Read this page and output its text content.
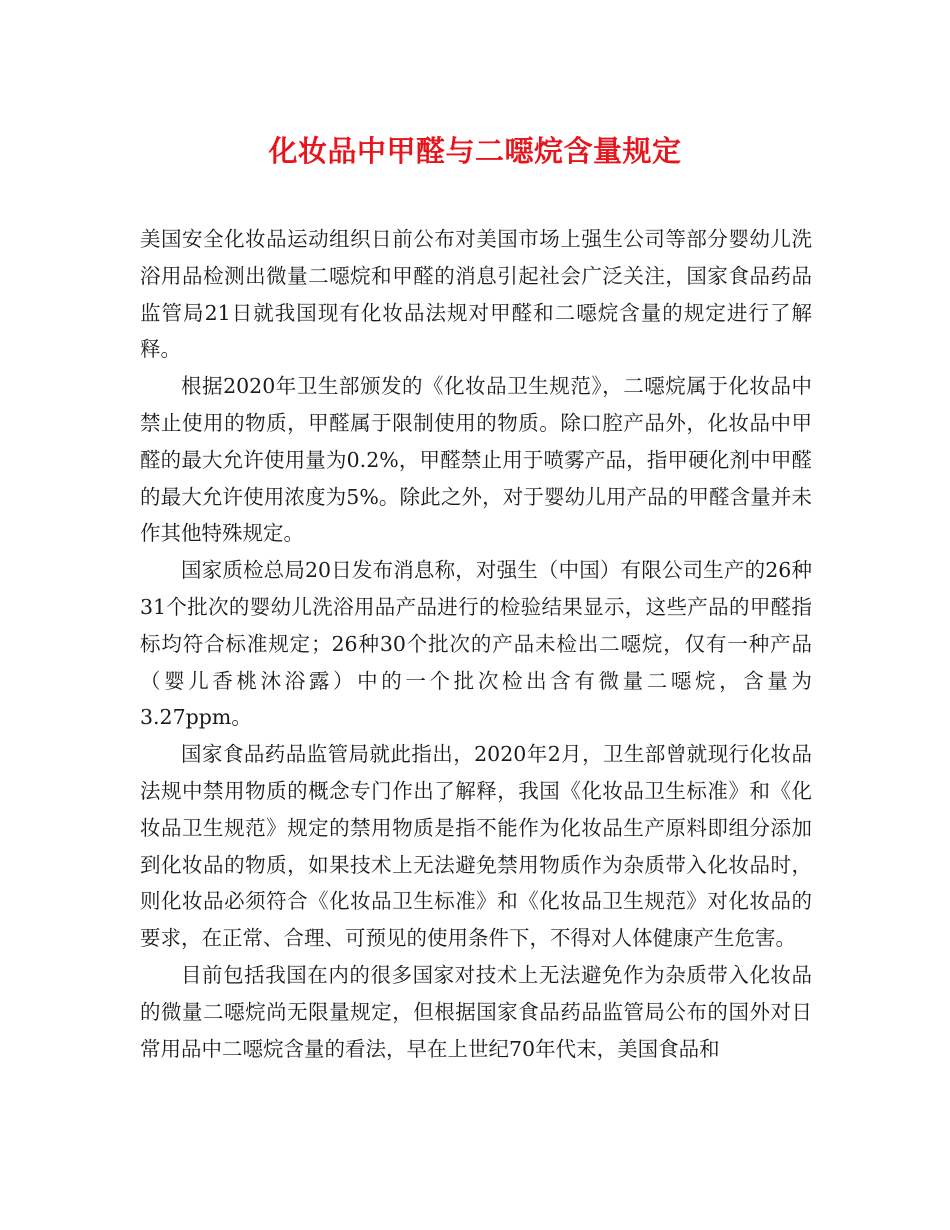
化妆品中甲醛与二噁烷含量规定

美国安全化妆品运动组织日前公布对美国市场上强生公司等部分婴幼儿洗浴用品检测出微量二噁烷和甲醛的消息引起社会广泛关注，国家食品药品监管局21日就我国现有化妆品法规对甲醛和二噁烷含量的规定进行了解释。

根据2020年卫生部颁发的《化妆品卫生规范》，二噁烷属于化妆品中禁止使用的物质，甲醛属于限制使用的物质。除口腔产品外，化妆品中甲醛的最大允许使用量为0.2%，甲醛禁止用于喷雾产品，指甲硬化剂中甲醛的最大允许使用浓度为5%。除此之外，对于婴幼儿用产品的甲醛含量并未作其他特殊规定。

国家质检总局20日发布消息称，对强生（中国）有限公司生产的26种31个批次的婴幼儿洗浴用品产品进行的检验结果显示，这些产品的甲醛指标均符合标准规定；26种30个批次的产品未检出二噁烷，仅有一种产品（婴儿香桃沐浴露）中的一个批次检出含有微量二噁烷，含量为3.27ppm。

国家食品药品监管局就此指出，2020年2月，卫生部曾就现行化妆品法规中禁用物质的概念专门作出了解释，我国《化妆品卫生标准》和《化妆品卫生规范》规定的禁用物质是指不能作为化妆品生产原料即组分添加到化妆品的物质，如果技术上无法避免禁用物质作为杂质带入化妆品时，则化妆品必须符合《化妆品卫生标准》和《化妆品卫生规范》对化妆品的要求，在正常、合理、可预见的使用条件下，不得对人体健康产生危害。

目前包括我国在内的很多国家对技术上无法避免作为杂质带入化妆品的微量二噁烷尚无限量规定，但根据国家食品药品监管局公布的国外对日常用品中二噁烷含量的看法，早在上世纪70年代末，美国食品和
